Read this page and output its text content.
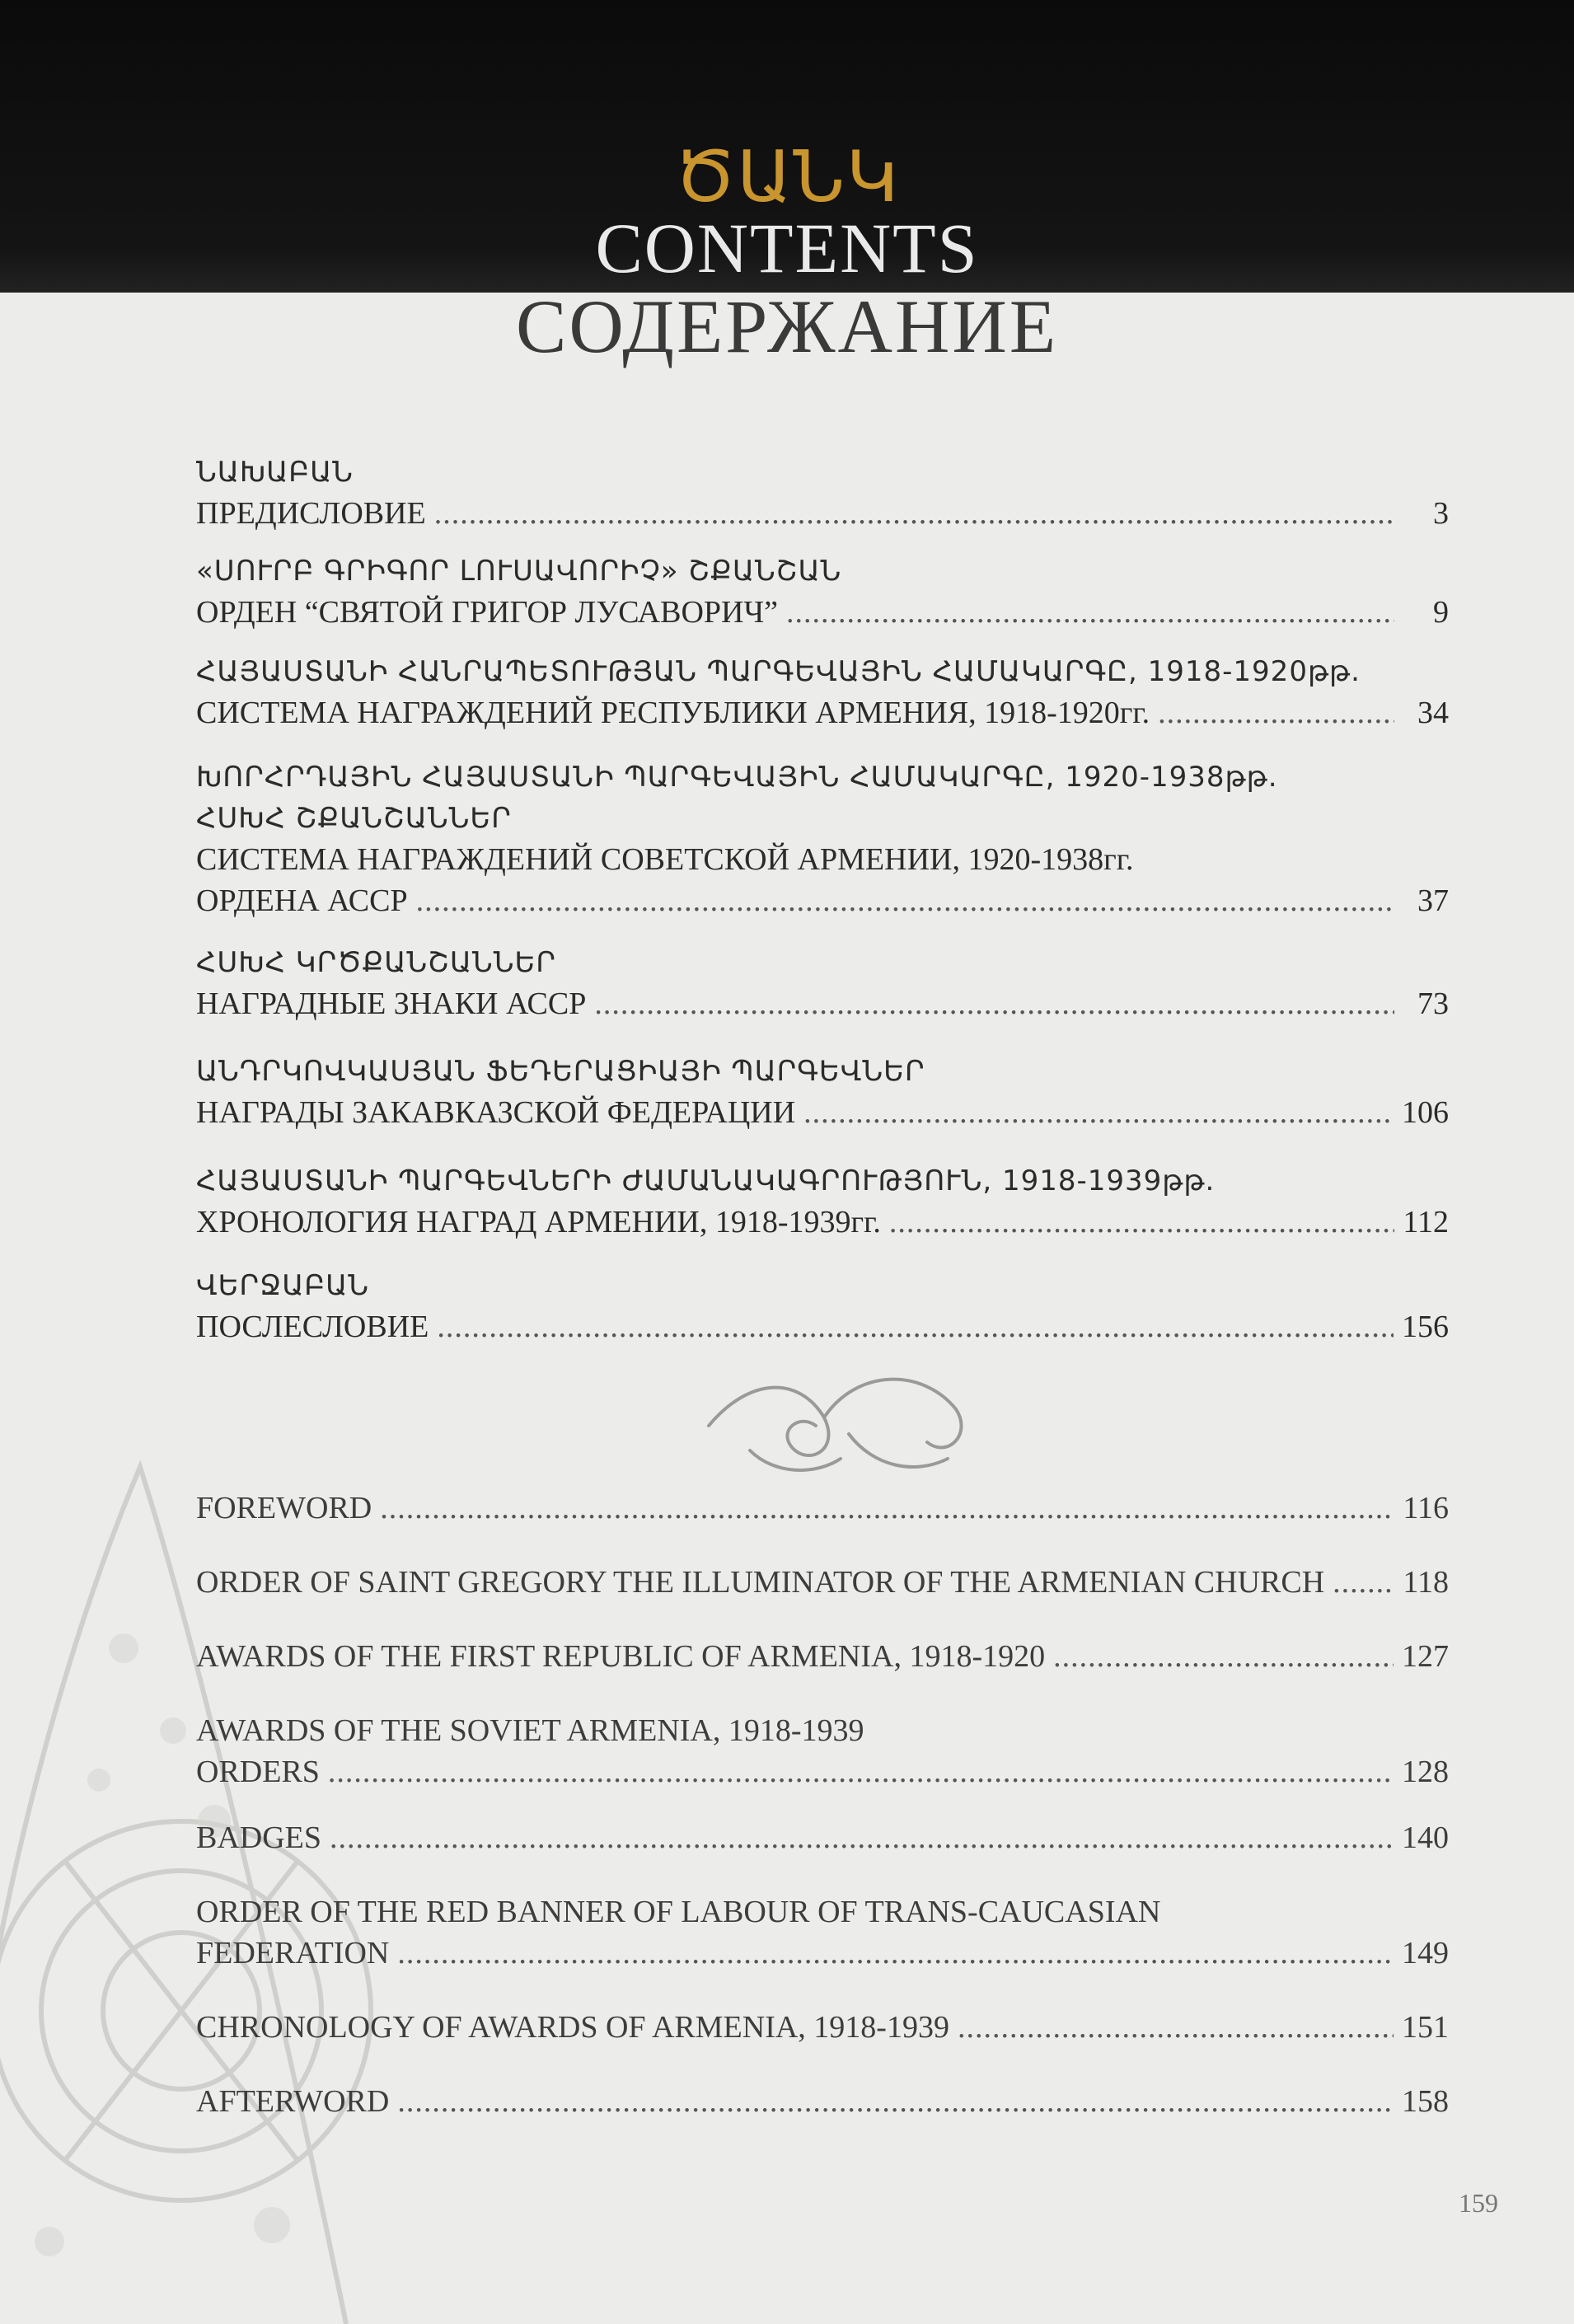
ԾԱՆԿ
CONTENTS
СОДЕРЖАНИЕ
ՆԱԽԱԲԱՆ
ПРЕДИСЛОВИЕ .....	3
«ՍՈՒՐԲ ԳՐԻԳՈՐ ԼՈՒՍԱՎՈՐԻՉ» ՇՔԱՆՇԱՆ
ОРДЕН “СВЯТОЙ ГРИГОР ЛУСАВОРИЧ” .....	9
ՀԱՅԱՍՏԱՆԻ ՀԱՆՐԱՊԵՏՈՒԹՅԱՆ ՊԱՐԳԵՎԱՅԻՆ ՀԱՄԱԿԱՐԳԸ, 1918-1920թթ.
СИСТЕМА НАГРАЖДЕНИЙ РЕСПУБЛИКИ АРМЕНИЯ, 1918-1920гг. .....	34
ԽՈՐՀՐԴԱՅԻՆ ՀԱՅԱՍՏԱՆԻ ՊԱՐԳԵՎԱՅԻՆ ՀԱՄԱԿԱՐԳԸ, 1920-1938թթ.
ՀՍԽՀ ՇՔԱՆՇԱՆՆԵՐ
СИСТЕМА НАГРАЖДЕНИЙ СОВЕТСКОЙ АРМЕНИИ, 1920-1938гг.
ОРДЕНА АССР .....	37
ՀՍԽՀ ԿՐԾՔԱՆՇԱՆՆԵՐ
НАГРАДНЫЕ ЗНАКИ АССР .....	73
ԱՆԴՐԿՈՎԿԱՍՅԱՆ ՖԵԴԵՐԱՑԻԱՅԻ ՊԱՐԳԵՎՆԵՐ
НАГРАДЫ ЗАКАВКАЗСКОЙ ФЕДЕРАЦИИ .....	106
ՀԱՅԱՍՏԱՆԻ ՊԱՐԳԵՎՆԵՐԻ ԺԱՄԱՆԱԿԱԳՐՈՒԹՅՈՒՆ, 1918-1939թթ.
ХРОНОЛОГИЯ НАГРАД АРМЕНИИ, 1918-1939гг. .....	112
ՎԵՐՋԱԲԱՆ
ПОСЛЕСЛОВИЕ .....	156
FOREWORD .....	116
ORDER OF SAINT GREGORY THE ILLUMINATOR OF THE ARMENIAN CHURCH .....	118
AWARDS OF THE FIRST REPUBLIC OF ARMENIA, 1918-1920 .....	127
AWARDS OF THE SOVIET ARMENIA, 1918-1939
ORDERS .....	128
BADGES .....	140
ORDER OF THE RED BANNER OF LABOUR OF TRANS-CAUCASIAN
FEDERATION .....	149
CHRONOLOGY OF AWARDS OF ARMENIA, 1918-1939 .....	151
AFTERWORD .....	158
159
